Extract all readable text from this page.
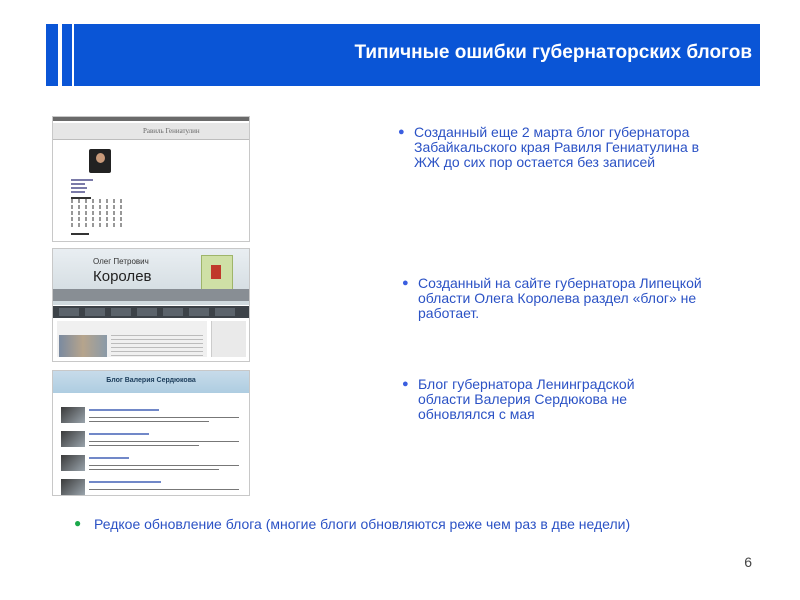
Типичные ошибки губернаторских блогов
Равиль Гениатулин
Олег Петрович
Королев
Блог Валерия Сердюкова
● Созданный еще 2 марта блог губернатора Забайкальского края Равиля Гениатулина в ЖЖ до сих пор остается без записей
● Созданный на сайте губернатора Липецкой области Олега Королева раздел «блог» не работает.
● Блог губернатора Ленинградской области Валерия Сердюкова не обновлялся с мая
● Редкое обновление блога (многие блоги обновляются реже чем раз в две недели)
6
